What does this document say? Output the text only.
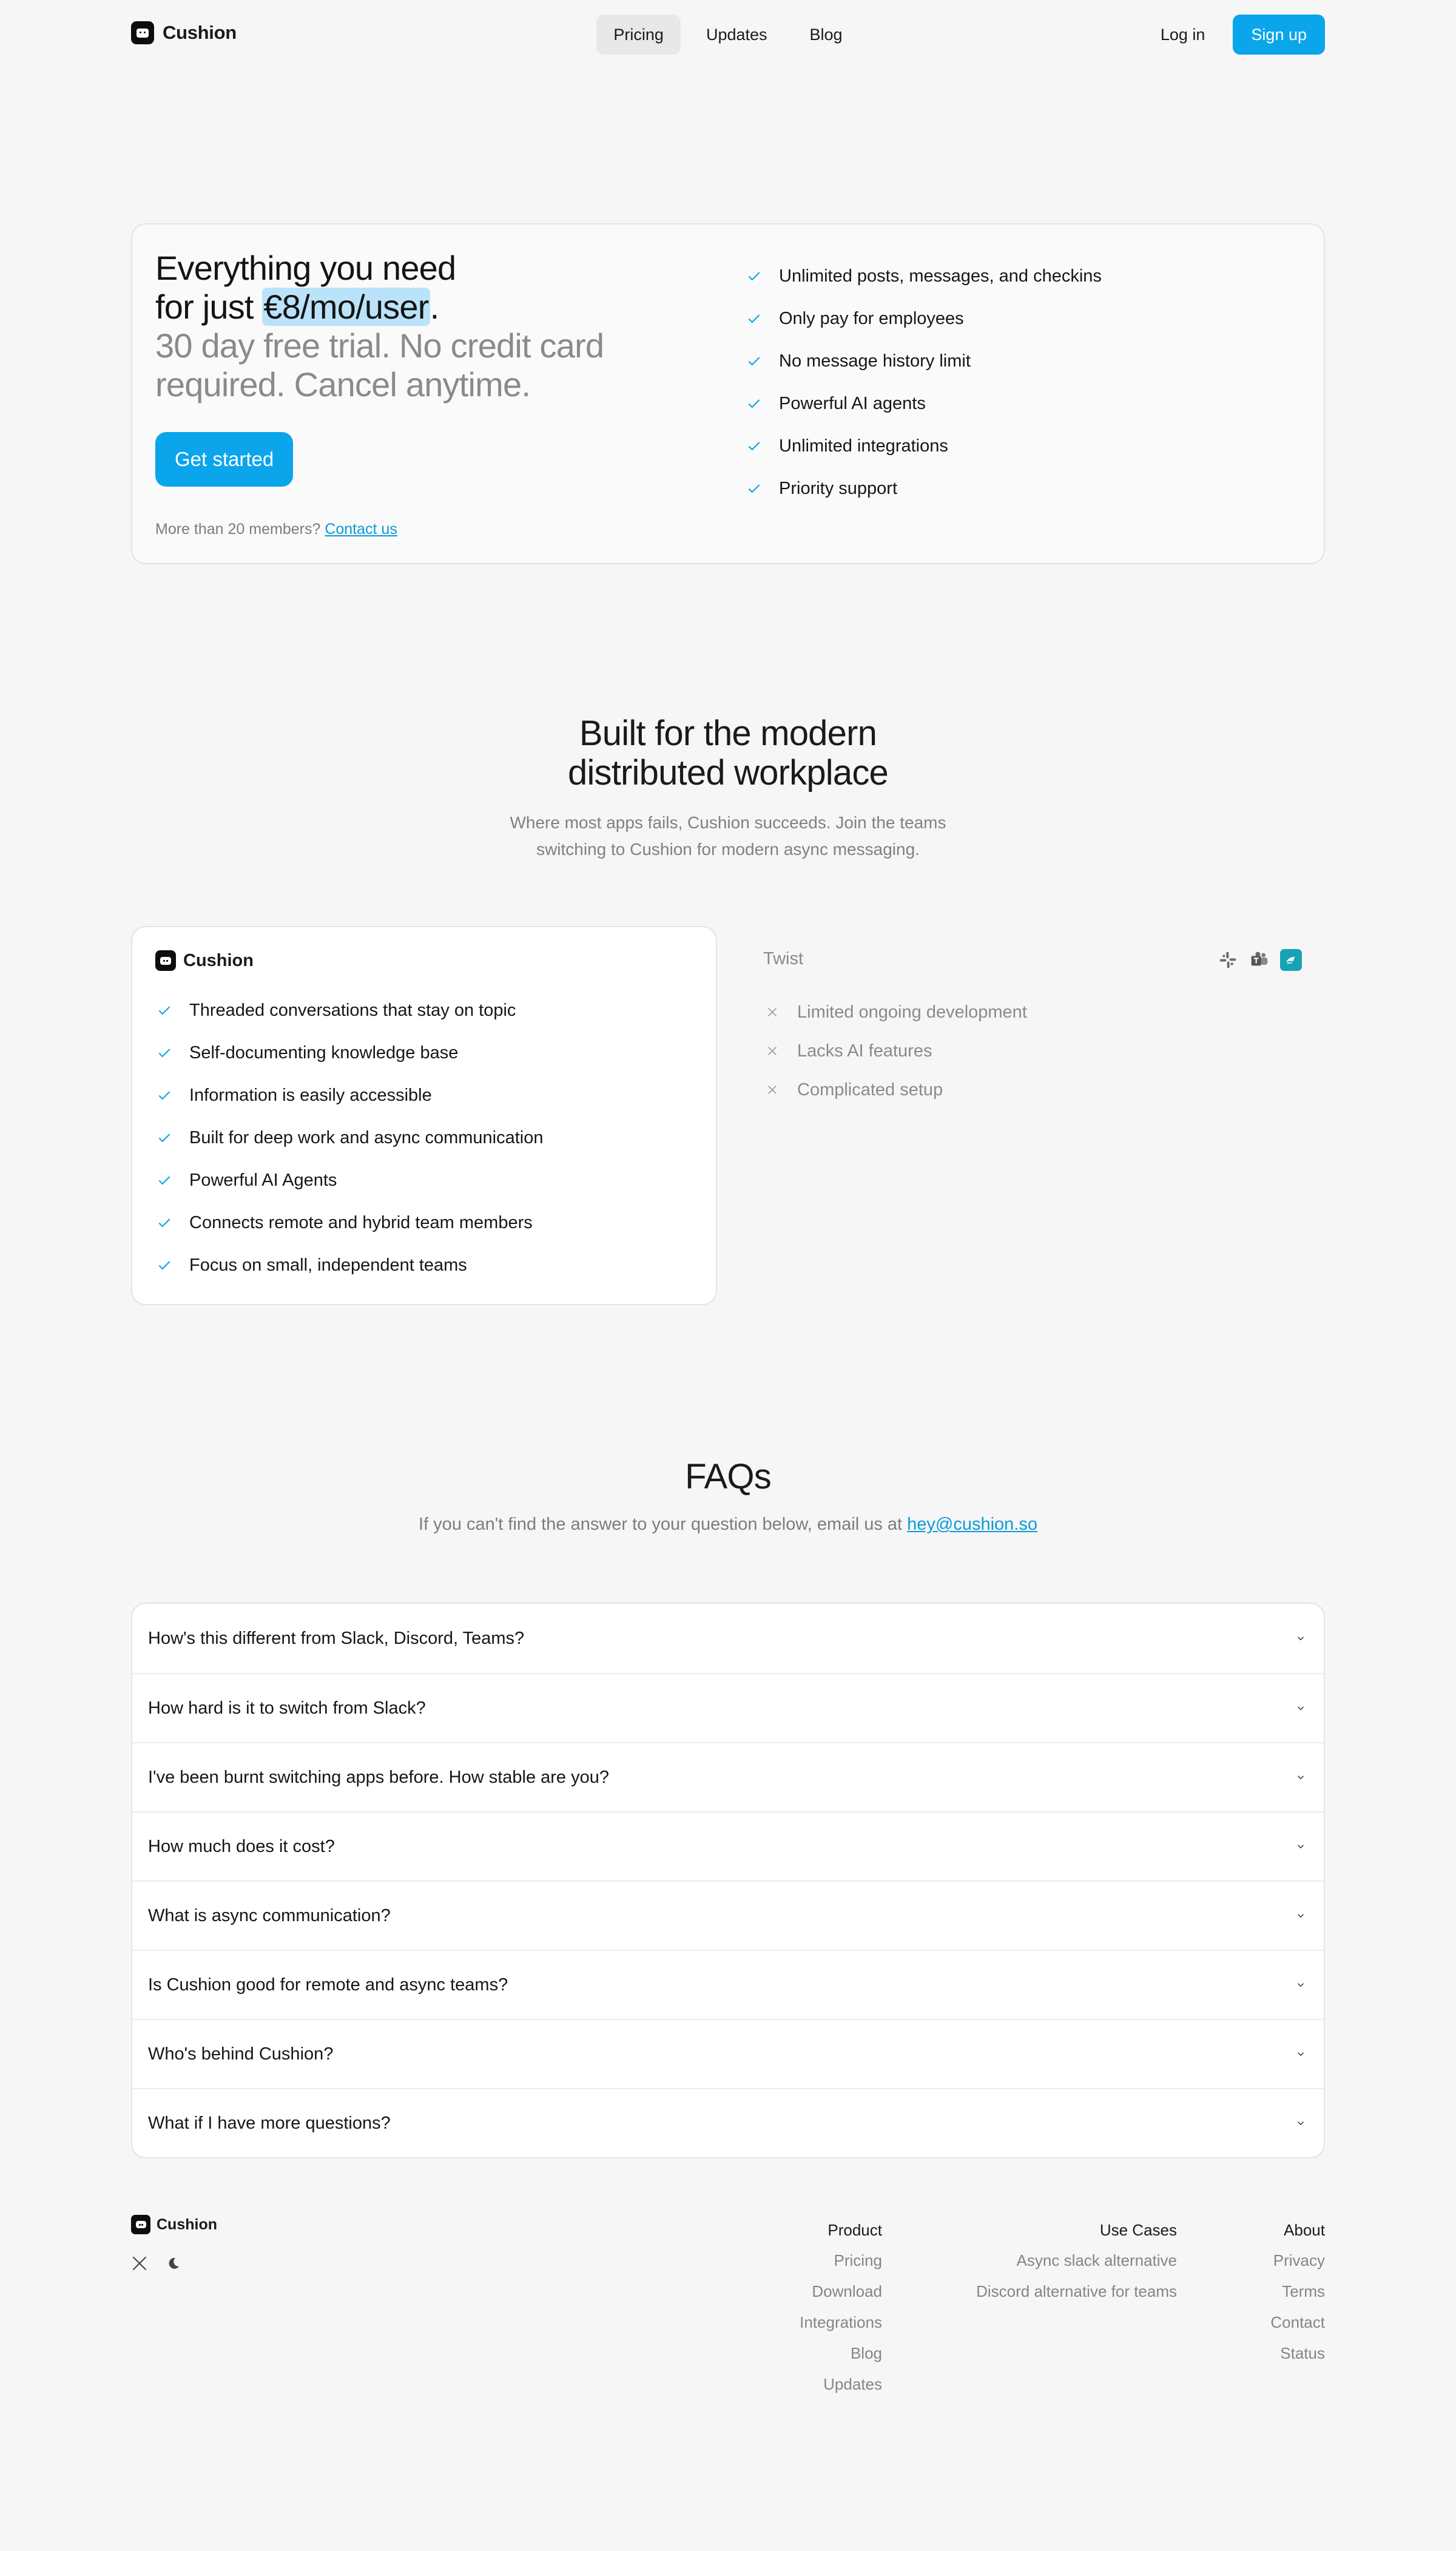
Cushion	Pricing	Updates	Blog	Log in	Sign up
Everything you need
for just €8/mo/user.
30 day free trial. No credit card required. Cancel anytime.
Get started

More than 20 members? Contact us

Unlimited posts, messages, and checkins
Only pay for employees
No message history limit
Powerful AI agents
Unlimited integrations
Priority support
Built for the modern
distributed workplace

Where most apps fails, Cushion succeeds. Join the teams
switching to Cushion for modern async messaging.

Cushion
Threaded conversations that stay on topic
Self-documenting knowledge base
Information is easily accessible
Built for deep work and async communication
Powerful AI Agents
Connects remote and hybrid team members
Focus on small, independent teams
Twist
Limited ongoing development
Lacks AI features
Complicated setup
FAQs

If you can't find the answer to your question below, email us at hey@cushion.so

How's this different from Slack, Discord, Teams?
How hard is it to switch from Slack?
I've been burnt switching apps before. How stable are you?
How much does it cost?
What is async communication?
Is Cushion good for remote and async teams?
Who's behind Cushion?
What if I have more questions?
Cushion	Product
Pricing
Download
Integrations
Blog
Updates
Use Cases
Async slack alternative
Discord alternative for teams
About
Privacy
Terms
Contact
Status
